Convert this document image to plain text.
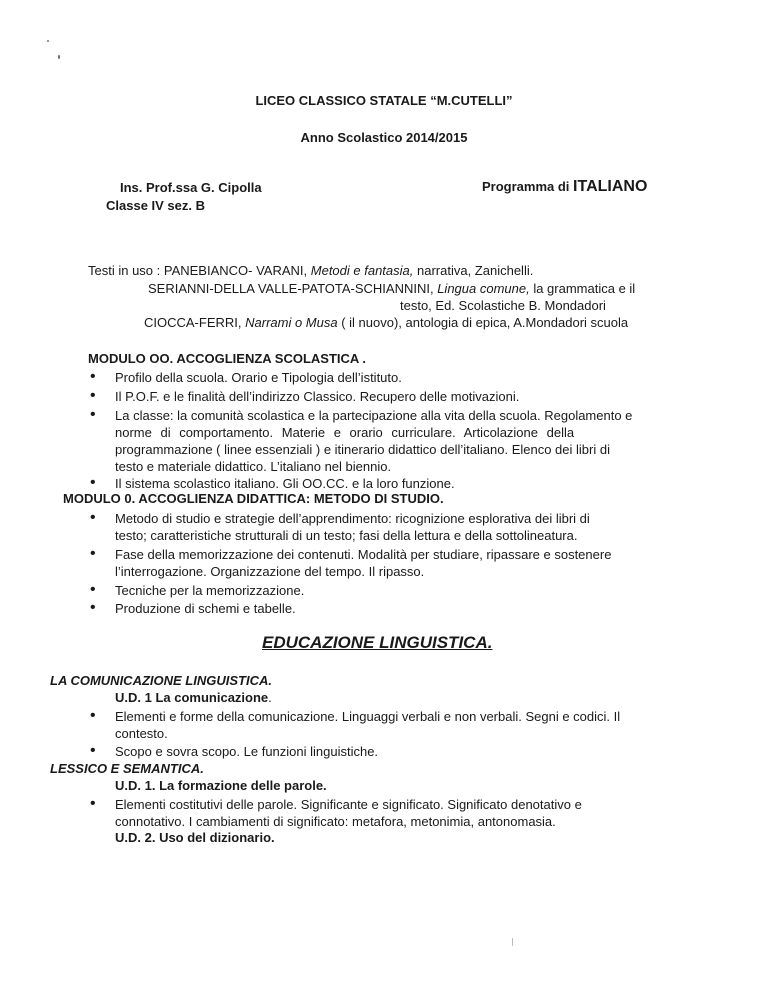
LICEO CLASSICO STATALE “M.CUTELLI”
Anno Scolastico 2014/2015
Ins. Prof.ssa G. Cipolla
Classe IV sez. B
Programma di ITALIANO
Testi in uso : PANEBIANCO- VARANI, Metodi e fantasia, narrativa, Zanichelli.
SERIANNI-DELLA VALLE-PATOTA-SCHIANNINI, Lingua comune, la grammatica e il
testo, Ed. Scolastiche B. Mondadori
CIOCCA-FERRI, Narrami o Musa ( il nuovo), antologia di epica, A.Mondadori scuola
MODULO OO. ACCOGLIENZA SCOLASTICA .
• Profilo della scuola. Orario e Tipologia dell’istituto.
• Il P.O.F. e le finalità dell’indirizzo Classico. Recupero delle motivazioni.
• La classe: la comunità scolastica e la partecipazione alla vita della scuola. Regolamento e
norme di comportamento. Materie e orario curriculare. Articolazione della
programmazione ( linee essenziali ) e itinerario didattico dell’italiano. Elenco dei libri di
testo e materiale didattico. L’italiano nel biennio.
• Il sistema scolastico italiano. Gli OO.CC. e la loro funzione.
MODULO 0. ACCOGLIENZA DIDATTICA: METODO DI STUDIO.
• Metodo di studio e strategie dell’apprendimento: ricognizione esplorativa dei libri di
testo; caratteristiche strutturali di un testo; fasi della lettura e della sottolineatura.
• Fase della memorizzazione dei contenuti. Modalità per studiare, ripassare e sostenere
l’interrogazione. Organizzazione del tempo. Il ripasso.
• Tecniche per la memorizzazione.
• Produzione di schemi e tabelle.
EDUCAZIONE LINGUISTICA.
LA COMUNICAZIONE LINGUISTICA.
U.D. 1 La comunicazione.
• Elementi e forme della comunicazione. Linguaggi verbali e non verbali. Segni e codici. Il
contesto.
• Scopo e sovra scopo. Le funzioni linguistiche.
LESSICO E SEMANTICA.
U.D. 1. La formazione delle parole.
• Elementi costitutivi delle parole. Significante e significato. Significato denotativo e
connotativo. I cambiamenti di significato: metafora, metonimia, antonomasia.
U.D. 2. Uso del dizionario.
